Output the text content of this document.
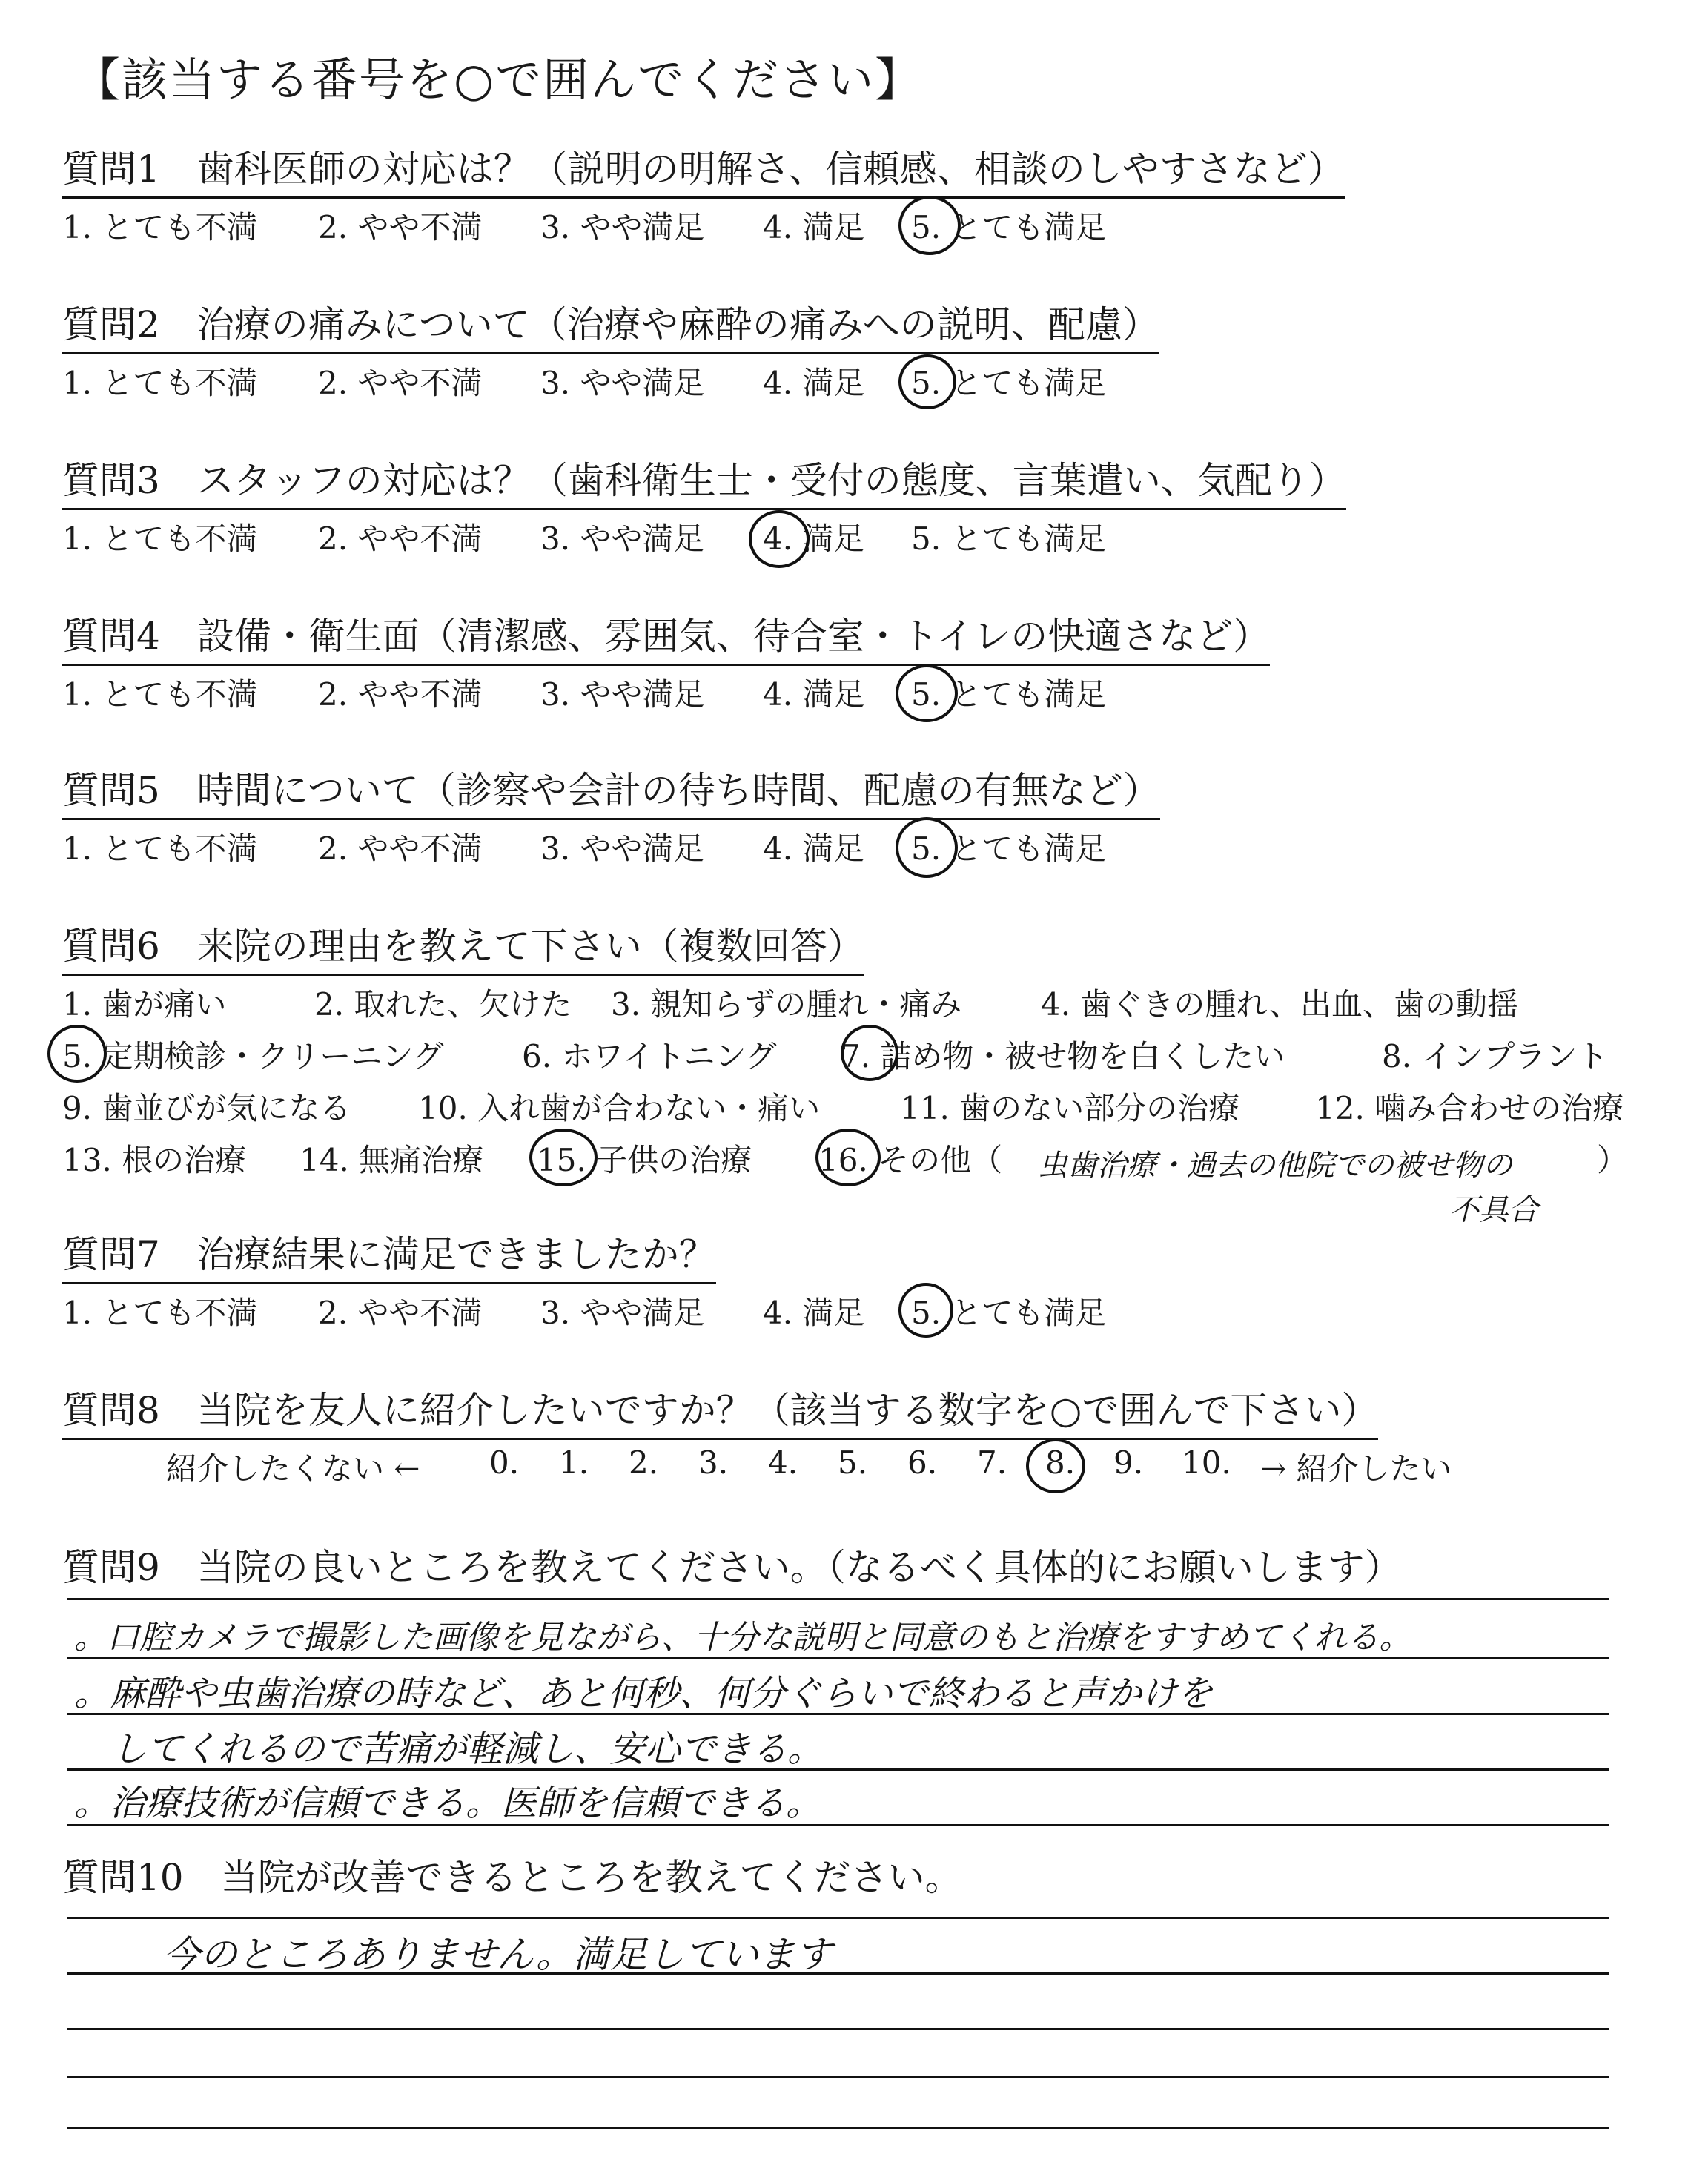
【該当する番号を○で囲んでください】
質問1　歯科医師の対応は？（説明の明解さ、信頼感、相談のしやすさなど）
1. とても不満 2. やや不満 3. やや満足 4. 満足 5. とても満足
質問2　治療の痛みについて（治療や麻酔の痛みへの説明、配慮）
1. とても不満 2. やや不満 3. やや満足 4. 満足 5. とても満足
質問3　スタッフの対応は？（歯科衛生士・受付の態度、言葉遣い、気配り）
1. とても不満 2. やや不満 3. やや満足 4. 満足 5. とても満足
質問4　設備・衛生面（清潔感、雰囲気、待合室・トイレの快適さなど）
1. とても不満 2. やや不満 3. やや満足 4. 満足 5. とても満足
質問5　時間について（診察や会計の待ち時間、配慮の有無など）
1. とても不満 2. やや不満 3. やや満足 4. 満足 5. とても満足
質問6　来院の理由を教えて下さい（複数回答）
1. 歯が痛い	2. 取れた、欠けた 3. 親知らずの腫れ・痛み	4. 歯ぐきの腫れ、出血、歯の動揺
5. 定期検診・クリーニング	6. ホワイトニング 7. 詰め物・被せ物を白くしたい	8. インプラント
9. 歯並びが気になる 10. 入れ歯が合わない・痛い	11. 歯のない部分の治療 12. 噛み合わせの治療
13. 根の治療 14. 無痛治療 15. 子供の治療 16. その他（	）
虫歯治療・過去の他院での被せ物の
不具合
質問7　治療結果に満足できましたか？
1. とても不満 2. やや不満 3. やや満足 4. 満足 5. とても満足
質問8　当院を友人に紹介したいですか？（該当する数字を○で囲んで下さい）
紹介したくない ← 0. 1. 2. 3. 4. 5. 6. 7. 8. 9. 10. → 紹介したい
質問9　当院の良いところを教えてください。（なるべく具体的にお願いします）
。口腔カメラで撮影した画像を見ながら、十分な説明と同意のもと治療をすすめてくれる。
。麻酔や虫歯治療の時など、あと何秒、何分ぐらいで終わると声かけを
してくれるので苦痛が軽減し、安心できる。
。治療技術が信頼できる。医師を信頼できる。
質問10　当院が改善できるところを教えてください。
今のところありません。満足しています
